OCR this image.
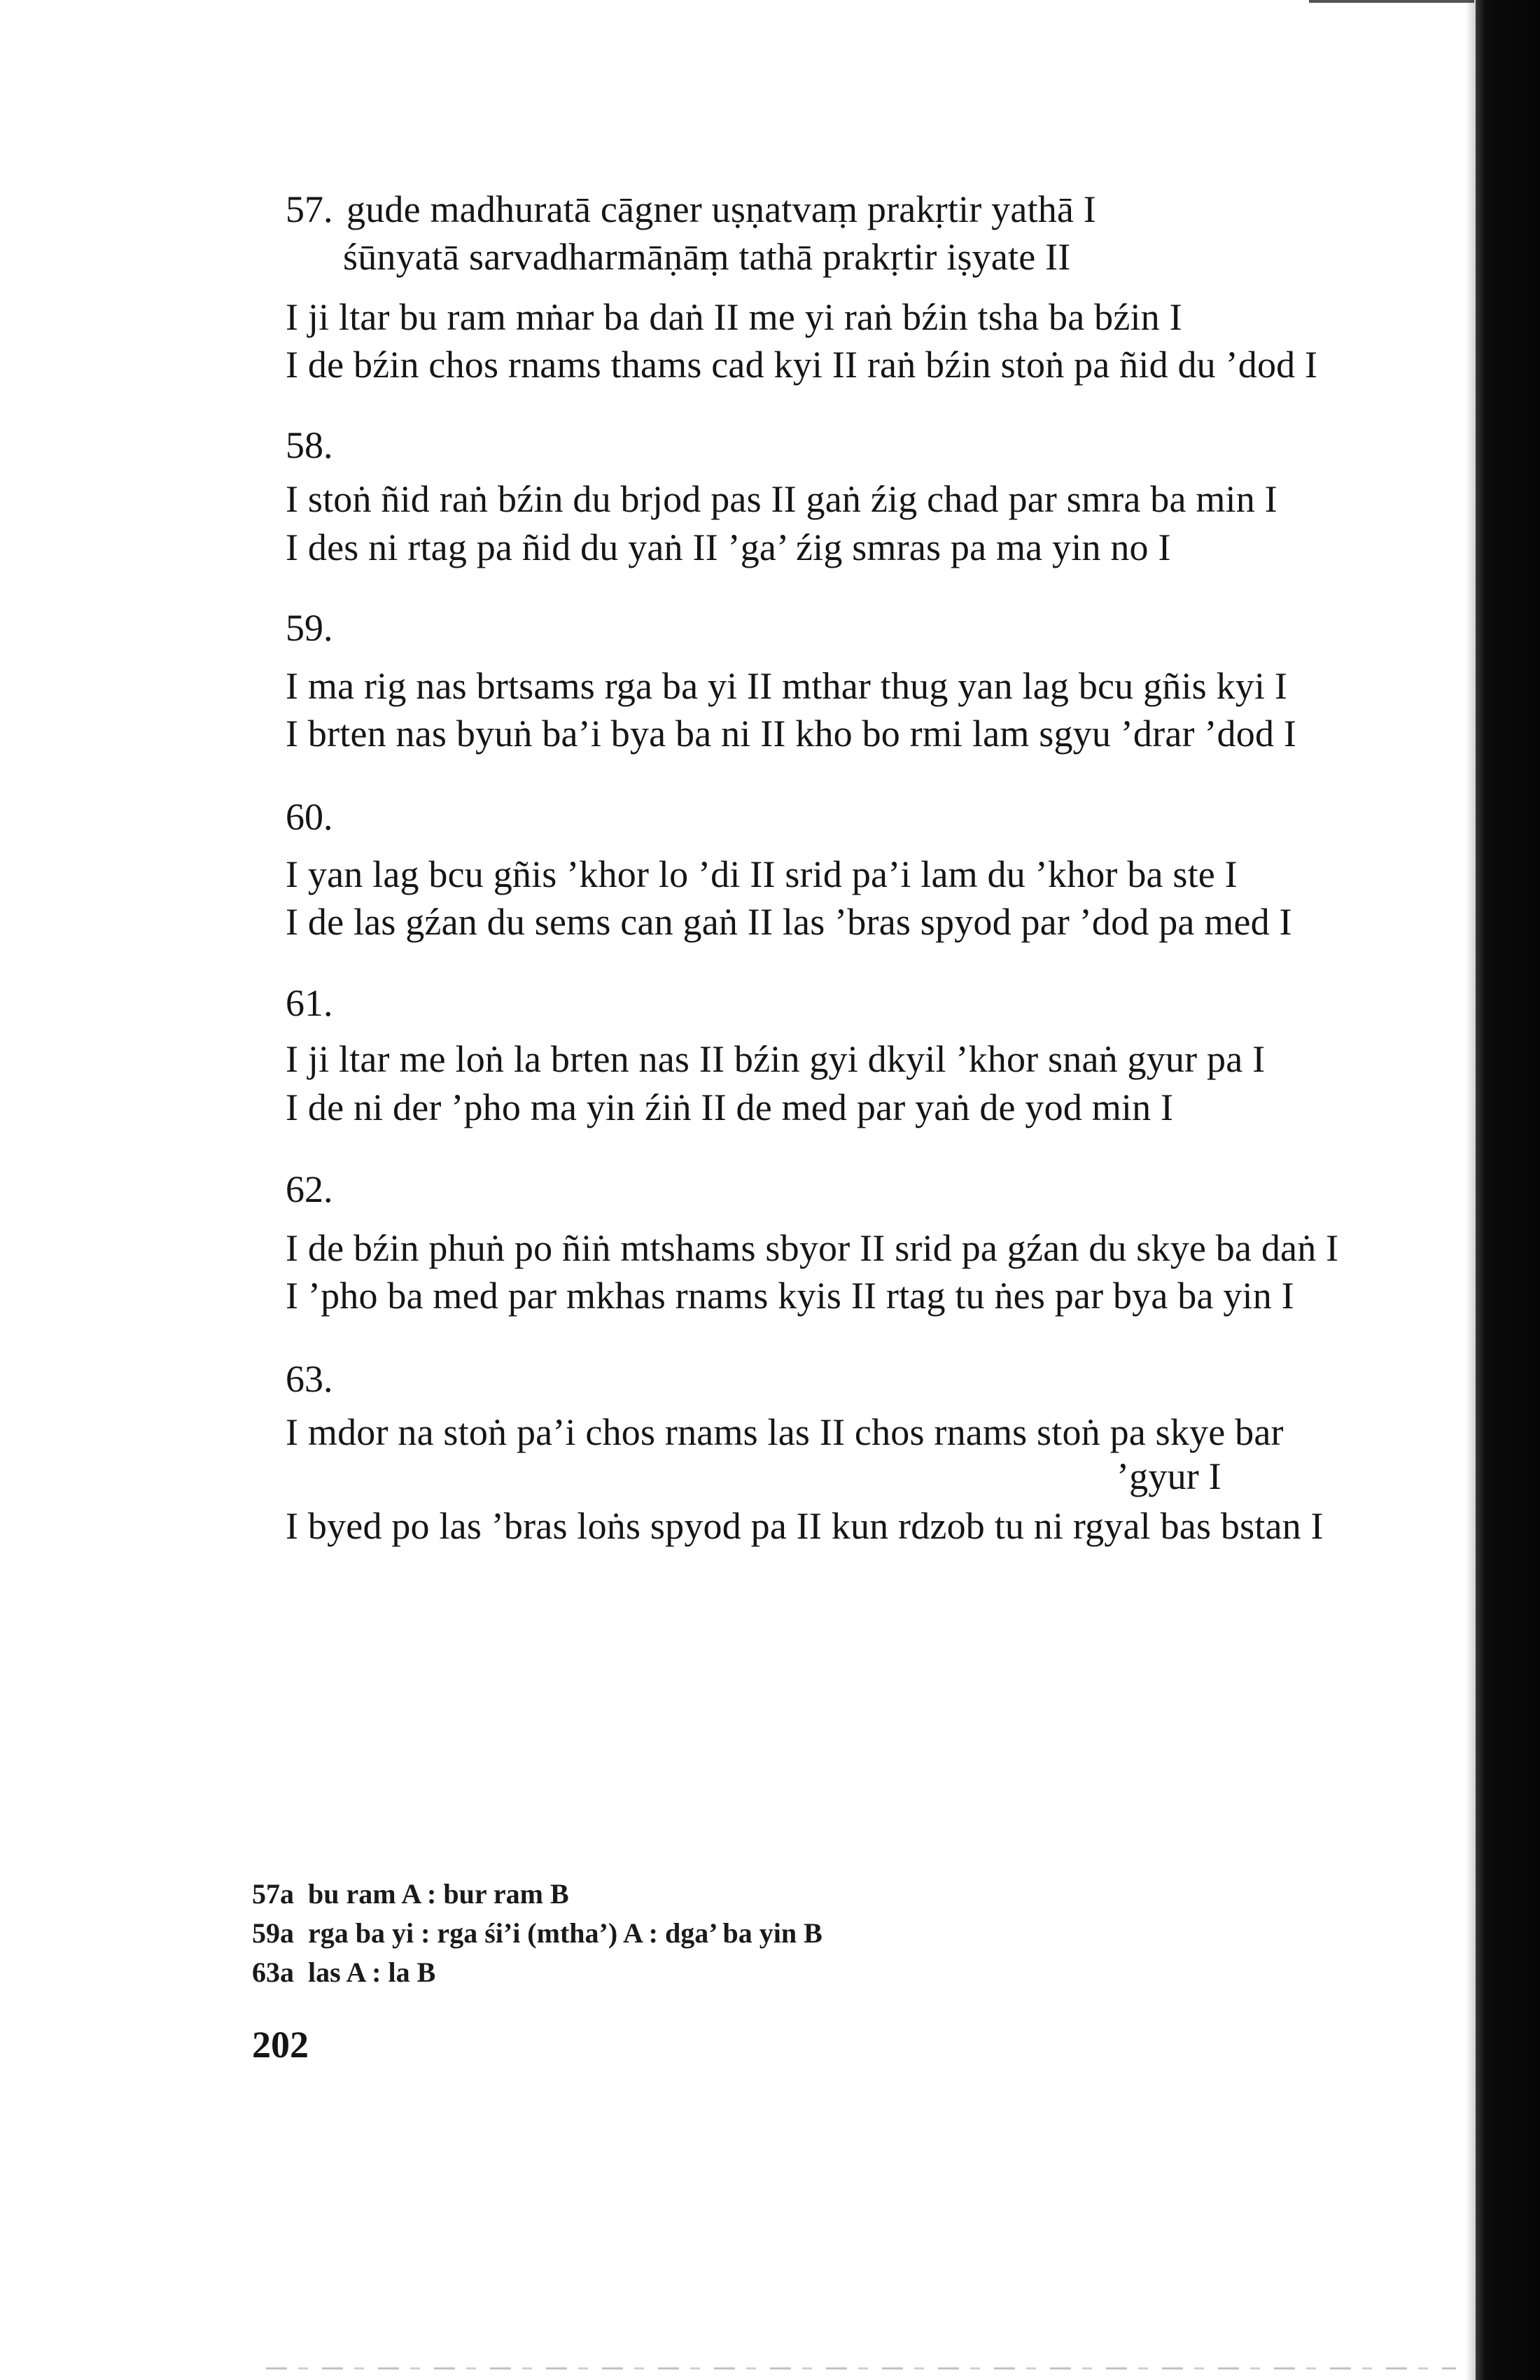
57. gude madhuratā cāgner uṣṇatvaṃ prakṛtir yathā I
śūnyatā sarvadharmāṇāṃ tathā prakṛtir iṣyate II
I ji ltar bu ram mṅar ba daṅ II me yi raṅ bźin tsha ba bźin I
I de bźin chos rnams thams cad kyi II raṅ bźin stoṅ pa ñid du ’dod I
58.
I stoṅ ñid raṅ bźin du brjod pas II gaṅ źig chad par smra ba min I
I des ni rtag pa ñid du yaṅ II ’ga’ źig smras pa ma yin no I
59.
I ma rig nas brtsams rga ba yi II mthar thug yan lag bcu gñis kyi I
I brten nas byuṅ ba’i bya ba ni II kho bo rmi lam sgyu ’drar ’dod I
60.
I yan lag bcu gñis ’khor lo ’di II srid pa’i lam du ’khor ba ste I
I de las gźan du sems can gaṅ II las ’bras spyod par ’dod pa med I
61.
I ji ltar me loṅ la brten nas II bźin gyi dkyil ’khor snaṅ gyur pa I
I de ni der ’pho ma yin źiṅ II de med par yaṅ de yod min I
62.
I de bźin phuṅ po ñiṅ mtshams sbyor II srid pa gźan du skye ba daṅ I
I ’pho ba med par mkhas rnams kyis II rtag tu ṅes par bya ba yin I
63.
I mdor na stoṅ pa’i chos rnams las II chos rnams stoṅ pa skye bar
’gyur I
I byed po las ’bras loṅs spyod pa II kun rdzob tu ni rgyal bas bstan I
57a  bu ram A : bur ram B
59a  rga ba yi : rga śi’i (mtha’) A : dga’ ba yin B
63a  las A : la B
202
